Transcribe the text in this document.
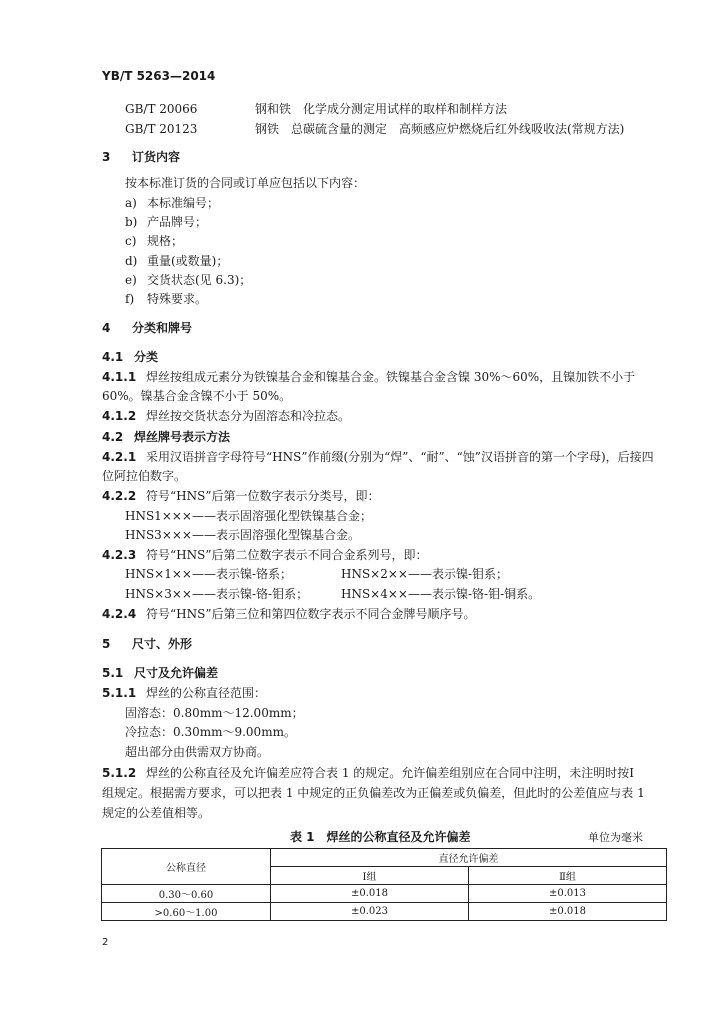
YB/T 5263—2014
GB/T 20066	钢和铁　化学成分测定用试样的取样和制样方法
GB/T 20123	钢铁　总碳硫含量的测定　高频感应炉燃烧后红外线吸收法(常规方法)
3 订货内容
按本标准订货的合同或订单应包括以下内容：
a) 本标准编号；
b) 产品牌号；
c) 规格；
d) 重量(或数量)；
e) 交货状态(见 6.3)；
f) 特殊要求。
4 分类和牌号
4.1 分类
4.1.1 焊丝按组成元素分为铁镍基合金和镍基合金。铁镍基合金含镍 30%～60%，且镍加铁不小于
60%。镍基合金含镍不小于 50%。
4.1.2 焊丝按交货状态分为固溶态和冷拉态。
4.2 焊丝牌号表示方法
4.2.1 采用汉语拼音字母符号“HNS”作前缀(分别为“焊”、“耐”、“蚀”汉语拼音的第一个字母)，后接四
位阿拉伯数字。
4.2.2 符号“HNS”后第一位数字表示分类号，即：
HNS1×××——表示固溶强化型铁镍基合金；
HNS3×××——表示固溶强化型镍基合金。
4.2.3 符号“HNS”后第二位数字表示不同合金系列号，即：
HNS×1××——表示镍-铬系；	HNS×2××——表示镍-钼系；
HNS×3××——表示镍-铬-钼系；	HNS×4××——表示镍-铬-钼-铜系。
4.2.4 符号“HNS”后第三位和第四位数字表示不同合金牌号顺序号。
5 尺寸、外形
5.1 尺寸及允许偏差
5.1.1 焊丝的公称直径范围：
固溶态：0.80mm～12.00mm；
冷拉态：0.30mm～9.00mm。
超出部分由供需双方协商。
5.1.2 焊丝的公称直径及允许偏差应符合表 1 的规定。允许偏差组别应在合同中注明，未注明时按Ⅰ
组规定。根据需方要求，可以把表 1 中规定的正负偏差改为正偏差或负偏差，但此时的公差值应与表 1
规定的公差值相等。
表 1　焊丝的公称直径及允许偏差	单位为毫米
公称直径	直径允许偏差	
	Ⅰ组	Ⅱ组
0.30～0.60	±0.018	±0.013
>0.60～1.00	±0.023	±0.018
2
